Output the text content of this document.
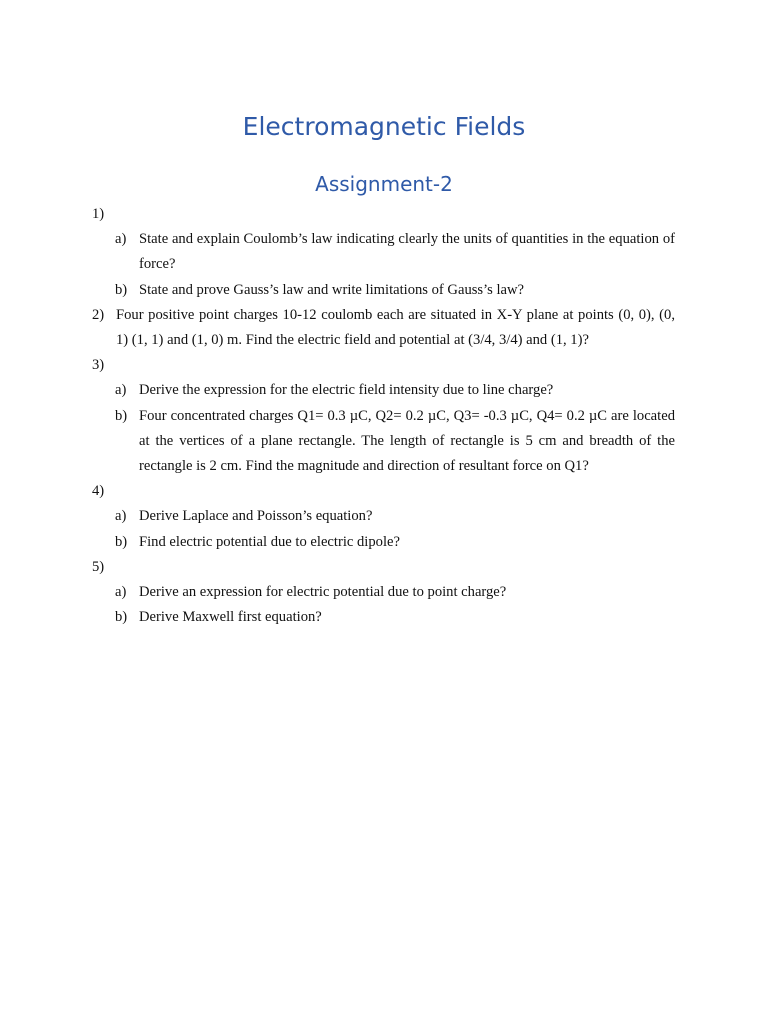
Electromagnetic Fields
Assignment-2
1)

a) State and explain Coulomb’s law indicating clearly the units of quantities in the equation of force?
b) State and prove Gauss’s law and write limitations of Gauss’s law?
2) Four positive point charges 10-12 coulomb each are situated in X-Y plane at points (0, 0), (0, 1) (1, 1) and (1, 0) m. Find the electric field and potential at (3/4, 3/4) and (1, 1)?
3)

a) Derive the expression for the electric field intensity due to line charge?
b) Four concentrated charges Q1= 0.3 µC, Q2= 0.2 µC, Q3= -0.3 µC, Q4= 0.2 µC are located at the vertices of a plane rectangle. The length of rectangle is 5 cm and breadth of the rectangle is 2 cm. Find the magnitude and direction of resultant force on Q1?
4)

a) Derive Laplace and Poisson’s equation?
b) Find electric potential due to electric dipole?
5)

a) Derive an expression for electric potential due to point charge?
b) Derive Maxwell first equation?
